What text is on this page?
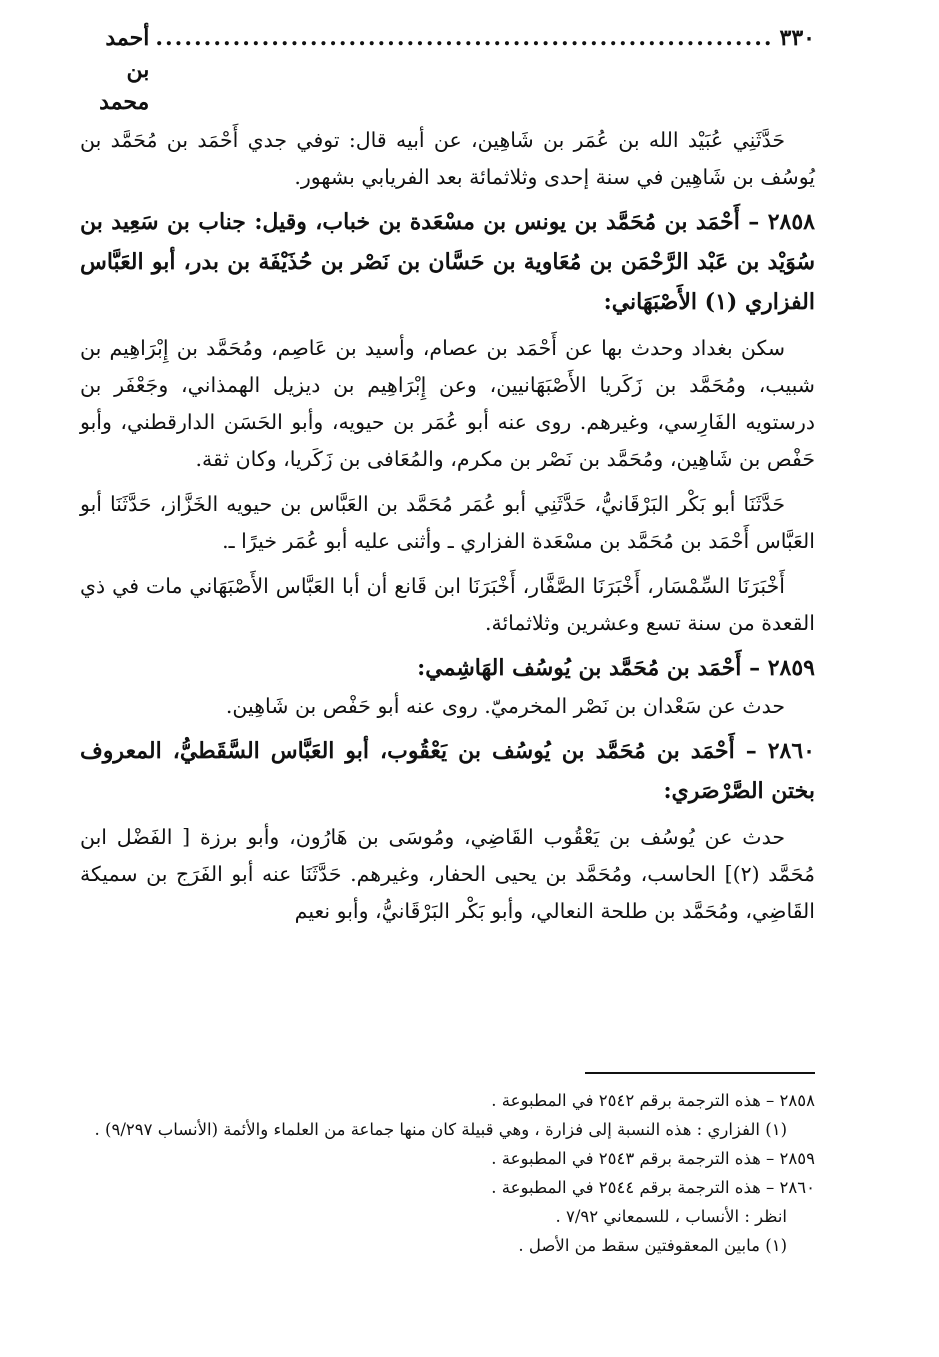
٣٣٠
................................................................
أحمد بن محمد

حَدَّثَنِي عُبَيْد الله بن عُمَر بن شَاهِين، عن أبيه قال: توفي جدي أَحْمَد بن مُحَمَّد بن يُوسُف بن شَاهِين في سنة إحدى وثلاثمائة بعد الفريابي بشهور.

٢٨٥٨ – أَحْمَد بن مُحَمَّد بن يونس بن مسْعَدة بن خباب، وقيل: جناب بن سَعِيد بن سُوَيْد بن عَبْد الرَّحْمَن بن مُعَاوية بن حَسَّان بن نَصْر بن حُذَيْفَة بن بدر، أبو العَبَّاس الفزاري (١) الأَصْبَهَاني:

سكن بغداد وحدث بها عن أَحْمَد بن عصام، وأسيد بن عَاصِم، ومُحَمَّد بن إِبْرَاهِيم بن شبيب، ومُحَمَّد بن زَكَريا الأَصْبَهَانيين، وعن إِبْرَاهِيم بن ديزيل الهمذاني، وجَعْفَر بن درستويه الفَارِسي، وغيرهم. روى عنه أبو عُمَر بن حيويه، وأبو الحَسَن الدارقطني، وأبو حَفْص بن شَاهِين، ومُحَمَّد بن نَصْر بن مكرم، والمُعَافى بن زَكَريا، وكان ثقة.

حَدَّثَنَا أبو بَكْر البَرْقَانيُّ، حَدَّثَنِي أبو عُمَر مُحَمَّد بن العَبَّاس بن حيويه الخَزَّاز، حَدَّثَنَا أبو العَبَّاس أَحْمَد بن مُحَمَّد بن مسْعَدة الفزاري ـ وأثنى عليه أبو عُمَر خيرًا ـ.

أَخْبَرَنَا السِّمْسَار، أَخْبَرَنَا الصَّفَّار، أَخْبَرَنَا ابن قَانع أن أبا العَبَّاس الأَصْبَهَاني مات في ذي القعدة من سنة تسع وعشرين وثلاثمائة.

٢٨٥٩ – أَحْمَد بن مُحَمَّد بن يُوسُف الهَاشِمي:

حدث عن سَعْدان بن نَصْر المخرميّ. روى عنه أبو حَفْص بن شَاهِين.

٢٨٦٠ – أَحْمَد بن مُحَمَّد بن يُوسُف بن يَعْقُوب، أبو العَبَّاس السَّقَطيُّ، المعروف بختن الصَّرْصَري:

حدث عن يُوسُف بن يَعْقُوب القَاضِي، ومُوسَى بن هَارُون، وأبو برزة [ الفَضْل ابن مُحَمَّد (٢)] الحاسب، ومُحَمَّد بن يحيى الحفار، وغيرهم. حَدَّثَنَا عنه أبو الفَرَج بن سميكة القَاضِي، ومُحَمَّد بن طلحة النعالي، وأبو بَكْر البَرْقَانيُّ، وأبو نعيم

٢٨٥٨ – هذه الترجمة برقم ٢٥٤٢ في المطبوعة .

(١) الفزاري : هذه النسبة إلى فزارة ، وهي قبيلة كان منها جماعة من العلماء والأئمة (الأنساب ٩/٢٩٧) .

٢٨٥٩ – هذه الترجمة برقم ٢٥٤٣ في المطبوعة .

٢٨٦٠ – هذه الترجمة برقم ٢٥٤٤ في المطبوعة .

انظر : الأنساب ، للسمعاني ٧/٩٢ .

(١) مابين المعقوفتين سقط من الأصل .
